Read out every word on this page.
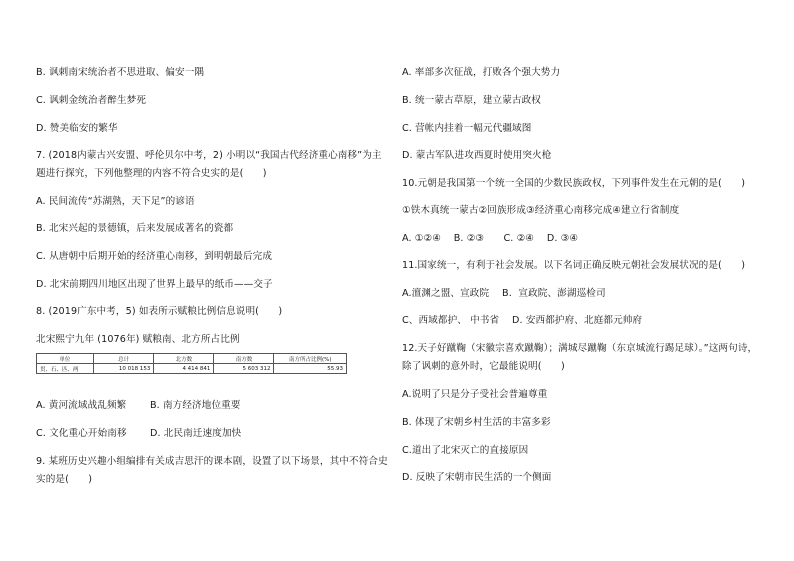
B. 讽刺南宋统治者不思进取、偏安一隅
C. 讽刺金统治者醉生梦死
D. 赞美临安的繁华
7. (2018内蒙古兴安盟、呼伦贝尔中考，2) 小明以“我国古代经济重心南移”为主
题进行探究，下列他整理的内容不符合史实的是(　　)
A. 民间流传“苏湖熟，天下足”的谚语
B. 北宋兴起的景德镇，后来发展成著名的瓷都
C. 从唐朝中后期开始的经济重心南移，到明朝最后完成
D. 北宋前期四川地区出现了世界上最早的纸币——交子
8. (2019广东中考，5) 如表所示赋粮比例信息说明(　　)
北宋熙宁九年 (1076年) 赋粮南、北方所占比例
单位	总计	北方数	南方数	南方所占比例(%)
贯、石、匹、两	10 018 153	4 414 841	5 603 312	55.93
A. 黄河流域战乱频繁 B. 南方经济地位重要
C. 文化重心开始南移 D. 北民南迁速度加快
9. 某班历史兴趣小组编排有关成吉思汗的课本剧，设置了以下场景，其中不符合史
实的是(　　)
A. 率部多次征战，打败各个强大势力
B. 统一蒙古草原，建立蒙古政权
C. 营帐内挂着一幅元代疆域图
D. 蒙古军队进攻西夏时使用突火枪
10.元朝是我国第一个统一全国的少数民族政权，下列事件发生在元朝的是(　　)
①铁木真统一蒙古②回族形成③经济重心南移完成④建立行省制度
A. ①②④　 B. ②③　　C. ②④　 D. ③④
11.国家统一，有利于社会发展。以下名词正确反映元朝社会发展状况的是(　　)
A.澶渊之盟、宣政院　 B．宣政院、澎湖巡检司
C、西域都护、 中书省　 D. 安西都护府、北庭都元帅府
12.天子好蹴鞠（宋徽宗喜欢蹴鞠）；满城尽蹴鞠（东京城流行踢足球）。”这两句诗，
除了讽刺的意外时，它最能说明(　　)
A.说明了只是分子受社会普遍尊重
B. 体现了宋朝乡村生活的丰富多彩
C.道出了北宋灭亡的直接原因
D. 反映了宋朝市民生活的一个侧面
